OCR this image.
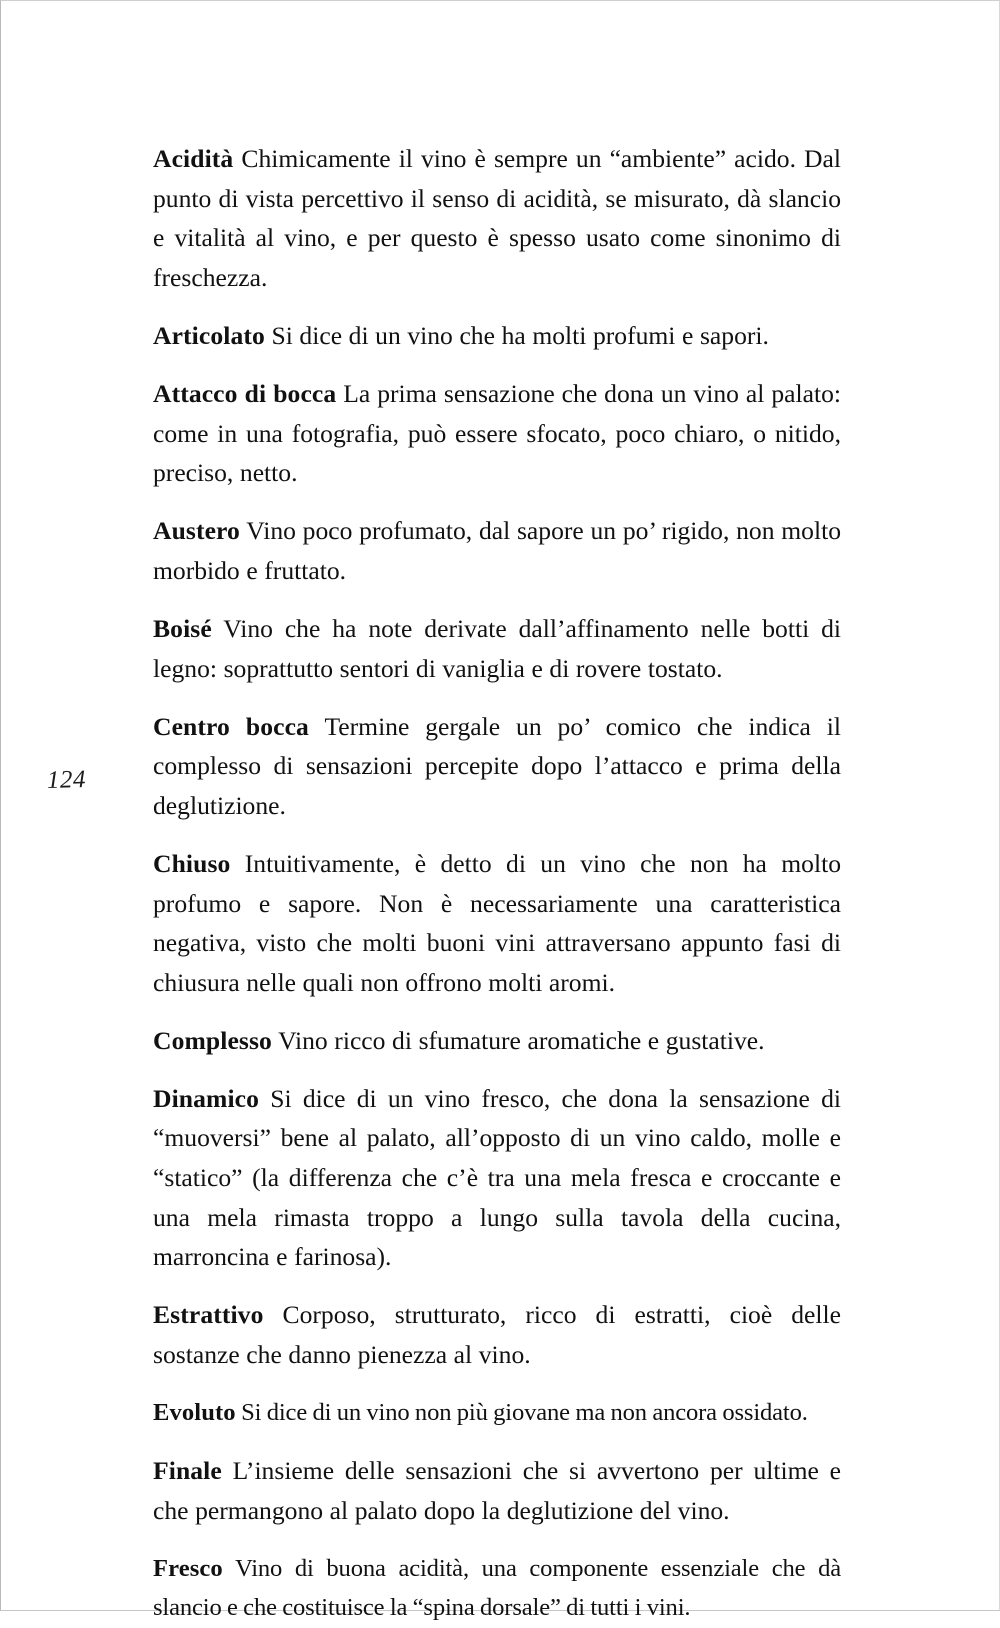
124

Acidità Chimicamente il vino è sempre un “ambiente” acido. Dal punto di vista percettivo il senso di acidità, se misurato, dà slancio e vitalità al vino, e per questo è spesso usato come sinonimo di freschezza.

Articolato Si dice di un vino che ha molti profumi e sapori.

Attacco di bocca La prima sensazione che dona un vino al palato: come in una fotografia, può essere sfocato, poco chiaro, o nitido, preciso, netto.

Austero Vino poco profumato, dal sapore un po’ rigido, non molto morbido e fruttato.

Boisé Vino che ha note derivate dall’affinamento nelle botti di legno: soprattutto sentori di vaniglia e di rovere tostato.

Centro bocca Termine gergale un po’ comico che indica il complesso di sensazioni percepite dopo l’attacco e prima della deglutizione.

Chiuso Intuitivamente, è detto di un vino che non ha molto profumo e sapore. Non è necessariamente una caratteristica negativa, visto che molti buoni vini attraversano appunto fasi di chiusura nelle quali non offrono molti aromi.

Complesso Vino ricco di sfumature aromatiche e gustative.

Dinamico Si dice di un vino fresco, che dona la sensazione di “muoversi” bene al palato, all’opposto di un vino caldo, molle e “statico” (la differenza che c’è tra una mela fresca e croccante e una mela rimasta troppo a lungo sulla tavola della cucina, marroncina e farinosa).

Estrattivo Corposo, strutturato, ricco di estratti, cioè delle sostanze che danno pienezza al vino.

Evoluto Si dice di un vino non più giovane ma non ancora ossidato.

Finale L’insieme delle sensazioni che si avvertono per ultime e che permangono al palato dopo la deglutizione del vino.

Fresco Vino di buona acidità, una componente essenziale che dà slancio e che costituisce la “spina dorsale” di tutti i vini.
